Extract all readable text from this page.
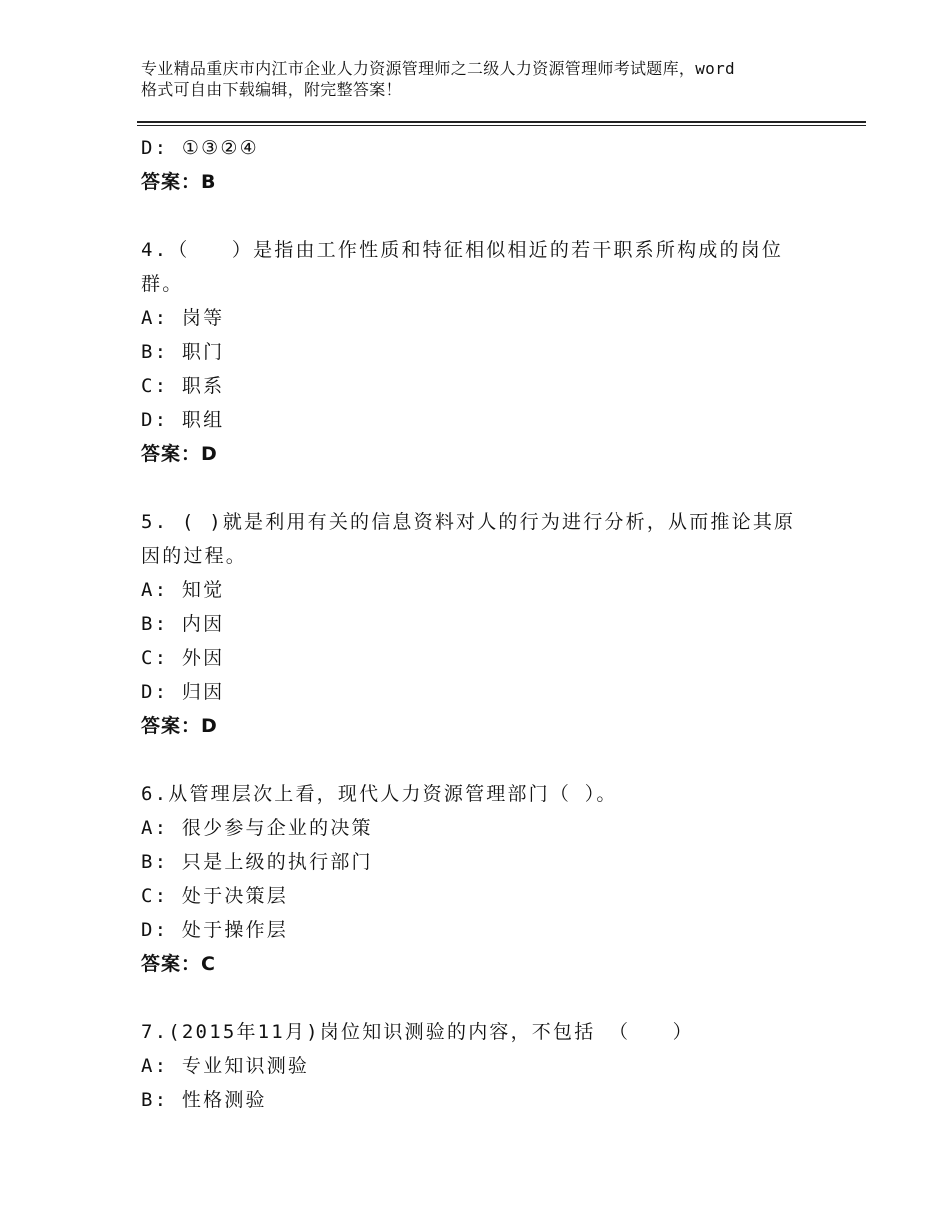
专业精品重庆市内江市企业人力资源管理师之二级人力资源管理师考试题库，word
格式可自由下载编辑，附完整答案！
D: ①③②④
答案：B
4.（　　）是指由工作性质和特征相似相近的若干职系所构成的岗位
群。
A: 岗等
B: 职门
C: 职系
D: 职组
答案：D
5. ( )就是利用有关的信息资料对人的行为进行分析，从而推论其原
因的过程。
A: 知觉
B: 内因
C: 外因
D: 归因
答案：D
6.从管理层次上看，现代人力资源管理部门（ ）。
A: 很少参与企业的决策
B: 只是上级的执行部门
C: 处于决策层
D: 处于操作层
答案：C
7.(2015年11月)岗位知识测验的内容，不包括 （　　）
A: 专业知识测验
B: 性格测验
